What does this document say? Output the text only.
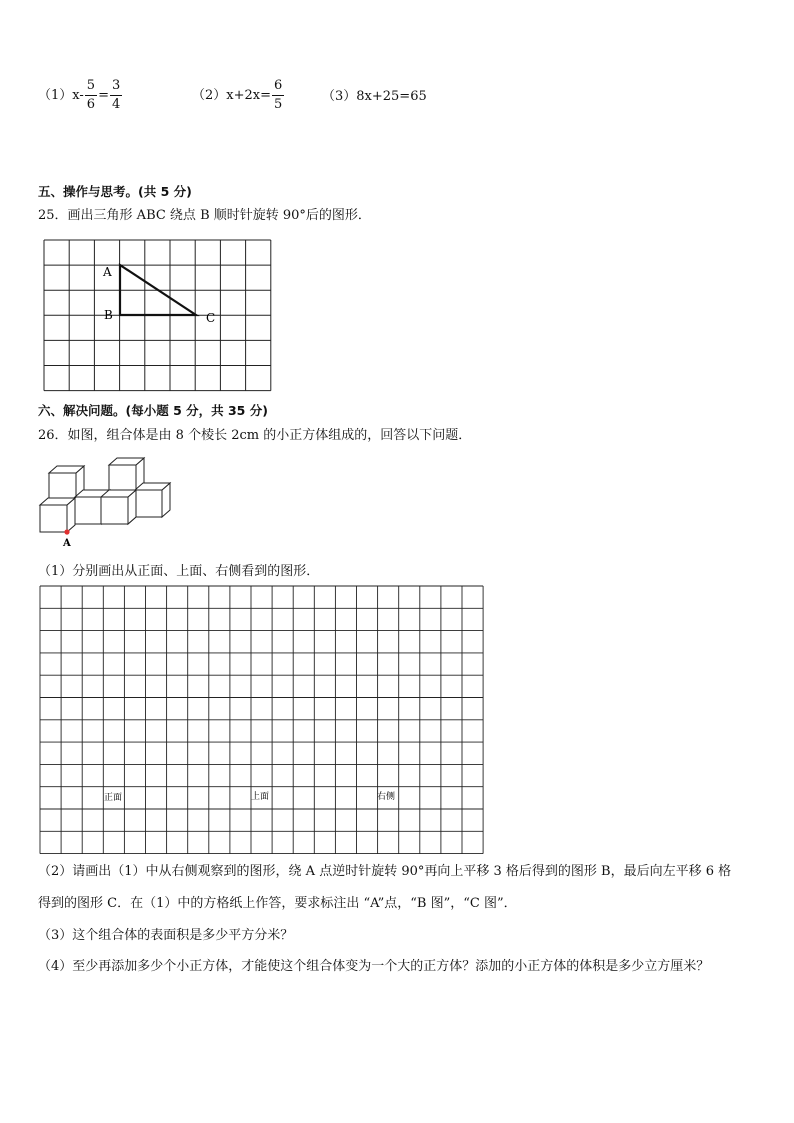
$(1)x- \frac{5}{6} = \frac{3}{4}$	$(2)x+2x= \frac{6}{5}$	（3）8x+25=65
五、操作与思考。(共 5 分)
25．画出三角形 ABC 绕点 B 顺时针旋转 90°后的图形．
A
B	C
A
正面	上面	右侧
六、解决问题。(每小题 5 分，共 35 分)
26．如图，组合体是由 8 个棱长 2cm 的小正方体组成的，回答以下问题．
（1）分别画出从正面、上面、右侧看到的图形．
（2）请画出（1）中从右侧观察到的图形，绕 A 点逆时针旋转 90°再向上平移 3 格后得到的图形 B，最后向左平移 6 格
得到的图形 C．在（1）中的方格纸上作答，要求标注出 “A”点，“B 图”，“C 图”．
（3）这个组合体的表面积是多少平方分米？
（4）至少再添加多少个小正方体，才能使这个组合体变为一个大的正方体？添加的小正方体的体积是多少立方厘米？
